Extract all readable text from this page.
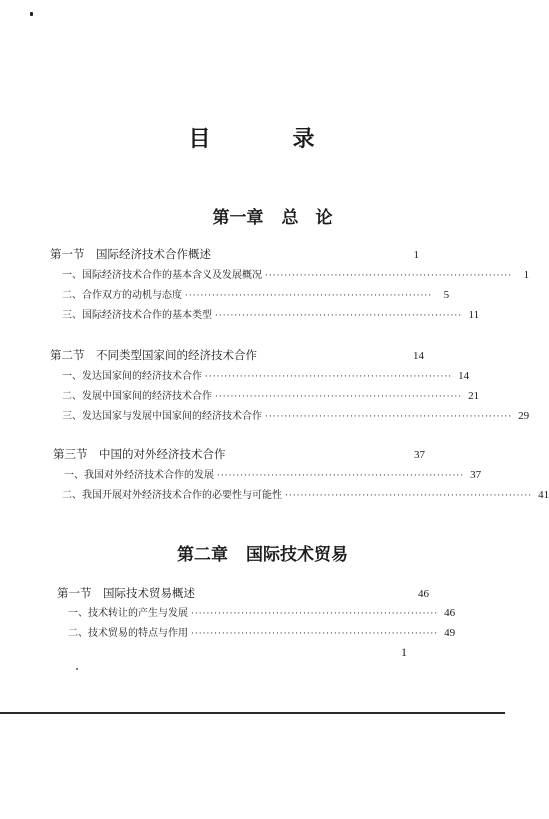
目　录
第一章 总　论
第一节　国际经济技术合作概述	1
一、国际经济技术合作的基本含义及发展概况 ································································	1
二、合作双方的动机与态度 ································································	5
三、国际经济技术合作的基本类型 ································································ 11
第二节　不同类型国家间的经济技术合作	14
一、发达国家间的经济技术合作 ································································ 14
二、发展中国家间的经济技术合作 ································································ 21
三、发达国家与发展中国家间的经济技术合作 ································································ 29
第三节　中国的对外经济技术合作	37
一、我国对外经济技术合作的发展 ································································ 37
二、我国开展对外经济技术合作的必要性与可能性 ································································ 41
第二章 国际技术贸易
第一节　国际技术贸易概述	46
一、技术转让的产生与发展 ································································ 46
二、技术贸易的特点与作用 ································································ 49
1
